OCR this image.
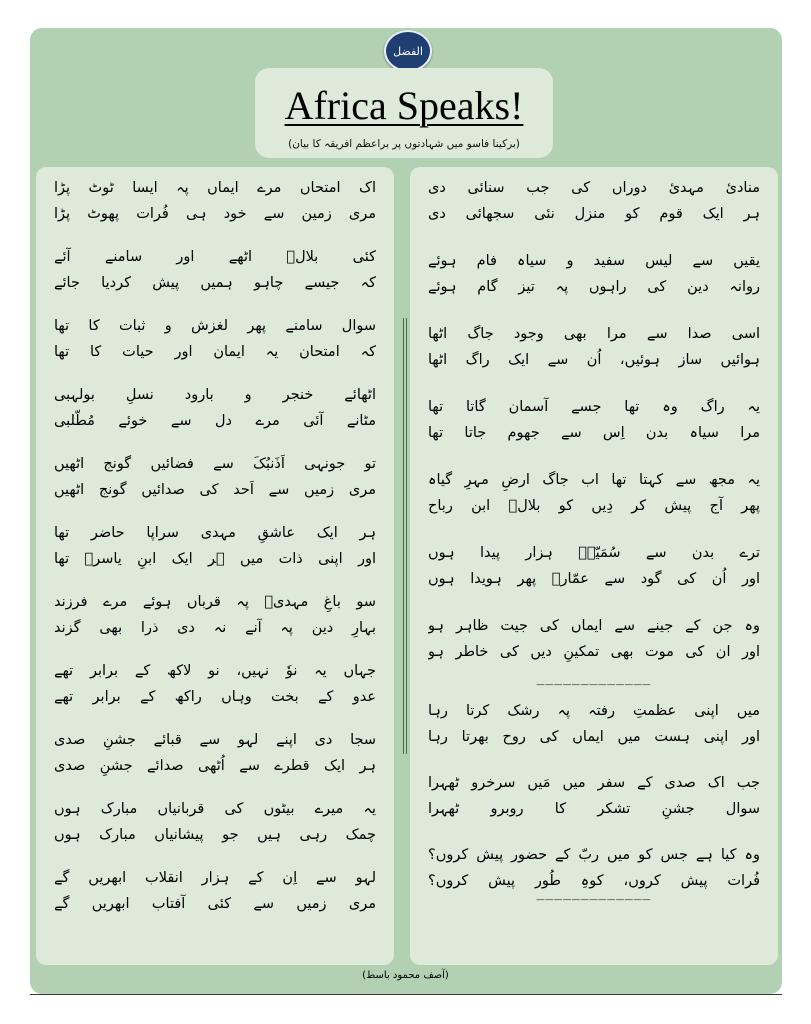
الفضل
Africa Speaks!
(برکینا فاسو میں شہادتوں پر براعظم افریقہ کا بیان)
اک امتحاں مرے ایماں پہ ایسا ٹوٹ پڑا
مری زمین سے خود ہی فُرات پھوٹ پڑا
کئی بلالؓ اٹھے اور سامنے آئے
کہ جیسے چاہو ہمیں پیش کردیا جائے
سوال سامنے پھر لغزش و ثبات کا تھا
کہ امتحان یہ ایمان اور حیات کا تھا
اٹھائے خنجر و بارود نسلِ بولہبی
مٹانے آئی مرے دل سے خوئے مُطّلبی
تو جونہی اَذَنبُکَ سے فضائیں گونج اٹھیں
مری زمیں سے اَحد کی صدائیں گونج اٹھیں
ہر ایک عاشقِ مہدی سراپا حاضر تھا
اور اپنی ذات میں ہر ایک ابنِ یاسرؓ تھا
سو باغِ مہدیؑ پہ قرباں ہوئے مرے فرزند
بہارِ دین پہ آنے نہ دی ذرا بھی گزند
جہاں یہ نوٗ نہیں، نو لاکھ کے برابر تھے
عدو کے بخت وہاں راکھ کے برابر تھے
سجا دی اپنے لہو سے قبائے جشنِ صدی
ہر ایک قطرے سے اُٹھی صدائے جشنِ صدی
یہ میرے بیٹوں کی قربانیاں مبارک ہوں
چمک رہی ہیں جو پیشانیاں مبارک ہوں
لہو سے اِن کے ہزار انقلاب ابھریں گے
مری زمیں سے کئی آفتاب ابھریں گے
منادیٔ مہدیٔ دوراں کی جب سنائی دی
ہر ایک قوم کو منزل نئی سجھائی دی
یقیں سے لیس سفید و سیاہ فام ہوئے
روانہ دین کی راہوں پہ تیز گام ہوئے
اسی صدا سے مرا بھی وجود جاگ اٹھا
ہوائیں ساز ہوئیں، اُن سے ایک راگ اٹھا
یہ راگ وہ تھا جسے آسمان گاتا تھا
مرا سیاہ بدن اِس سے جھوم جاتا تھا
یہ مجھ سے کہتا تھا اب جاگ ارضِ مہرِ گیاہ
پھر آج پیش کر دِیں کو بلالؓ ابن رباح
ترے بدن سے سُمَیّہؓ ہزار پیدا ہوں
اور اُن کی گود سے عمّارؓ پھر ہویدا ہوں
وہ جن کے جینے سے ایماں کی جیت ظاہر ہو
اور ان کی موت بھی تمکینِ دیں کی خاطر ہو
_____________
میں اپنی عظمتِ رفتہ پہ رشک کرتا رہا
اور اپنی ہست میں ایماں کی روح بھرتا رہا
جب اک صدی کے سفر میں مَیں سرخرو ٹھہرا
سوال جشنِ تشکر کا روبرو ٹھہرا
وہ کیا ہے جس کو میں ربّ کے حضور پیش کروں؟
فُرات پیش کروں، کوہِ طُور پیش کروں؟
_____________
(آصف محمود باسط)
